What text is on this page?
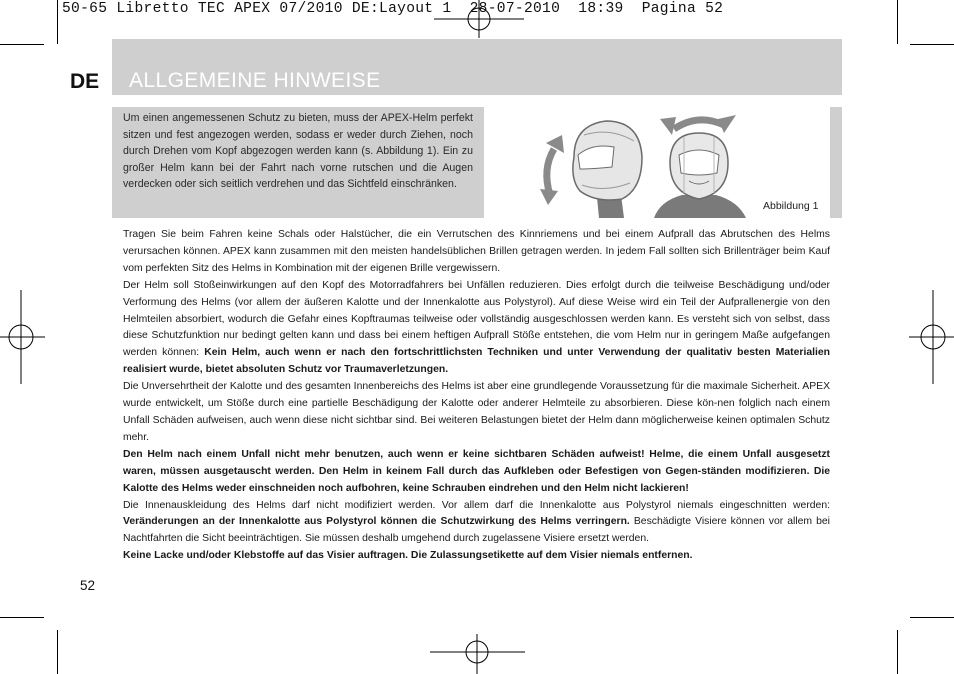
50-65 Libretto TEC APEX 07/2010 DE:Layout 1  28-07-2010  18:39  Pagina 52
DE ALLGEMEINE HINWEISE
Um einen angemessenen Schutz zu bieten, muss der APEX-Helm perfekt sitzen und fest angezogen werden, sodass er weder durch Ziehen, noch durch Drehen vom Kopf abgezogen werden kann (s. Abbildung 1). Ein zu großer Helm kann bei der Fahrt nach vorne rutschen und die Augen verdecken oder sich seitlich verdrehen und das Sichtfeld einschränken.
Abbildung 1

Tragen Sie beim Fahren keine Schals oder Halstücher, die ein Verrutschen des Kinnriemens und bei einem Aufprall das Abrutschen des Helms verursachen können. APEX kann zusammen mit den meisten handelsüblichen Brillen getragen werden. In jedem Fall sollten sich Brillenträger beim Kauf vom perfekten Sitz des Helms in Kombination mit der eigenen Brille vergewissern.

Der Helm soll Stoßeinwirkungen auf den Kopf des Motorradfahrers bei Unfällen reduzieren. Dies erfolgt durch die teilweise Beschädigung und/oder Verformung des Helms (vor allem der äußeren Kalotte und der Innenkalotte aus Polystyrol). Auf diese Weise wird ein Teil der Aufprallenergie von den Helmteilen absorbiert, wodurch die Gefahr eines Kopftraumas teilweise oder vollständig ausgeschlossen werden kann. Es versteht sich von selbst, dass diese Schutzfunktion nur bedingt gelten kann und dass bei einem heftigen Aufprall Stöße entstehen, die vom Helm nur in geringem Maße aufgefangen werden können: Kein Helm, auch wenn er nach den fortschrittlichsten Techniken und unter Verwendung der qualitativ besten Materialien realisiert wurde, bietet absoluten Schutz vor Traumaverletzungen.

Die Unversehrtheit der Kalotte und des gesamten Innenbereichs des Helms ist aber eine grundlegende Voraussetzung für die maximale Sicherheit. APEX wurde entwickelt, um Stöße durch eine partielle Beschädigung der Kalotte oder anderer Helmteile zu absorbieren. Diese kön-nen folglich nach einem Unfall Schäden aufweisen, auch wenn diese nicht sichtbar sind. Bei weiteren Belastungen bietet der Helm dann möglicherweise keinen optimalen Schutz mehr.

Den Helm nach einem Unfall nicht mehr benutzen, auch wenn er keine sichtbaren Schäden aufweist! Helme, die einem Unfall ausgesetzt waren, müssen ausgetauscht werden. Den Helm in keinem Fall durch das Aufkleben oder Befestigen von Gegen-ständen modifizieren. Die Kalotte des Helms weder einschneiden noch aufbohren, keine Schrauben eindrehen und den Helm nicht lackieren!

Die Innenauskleidung des Helms darf nicht modifiziert werden. Vor allem darf die Innenkalotte aus Polystyrol niemals eingeschnitten werden: Veränderungen an der Innenkalotte aus Polystyrol können die Schutzwirkung des Helms verringern. Beschädigte Visiere können vor allem bei Nachtfahrten die Sicht beeinträchtigen. Sie müssen deshalb umgehend durch zugelassene Visiere ersetzt werden.

Keine Lacke und/oder Klebstoffe auf das Visier auftragen. Die Zulassungsetikette auf dem Visier niemals entfernen.

52
